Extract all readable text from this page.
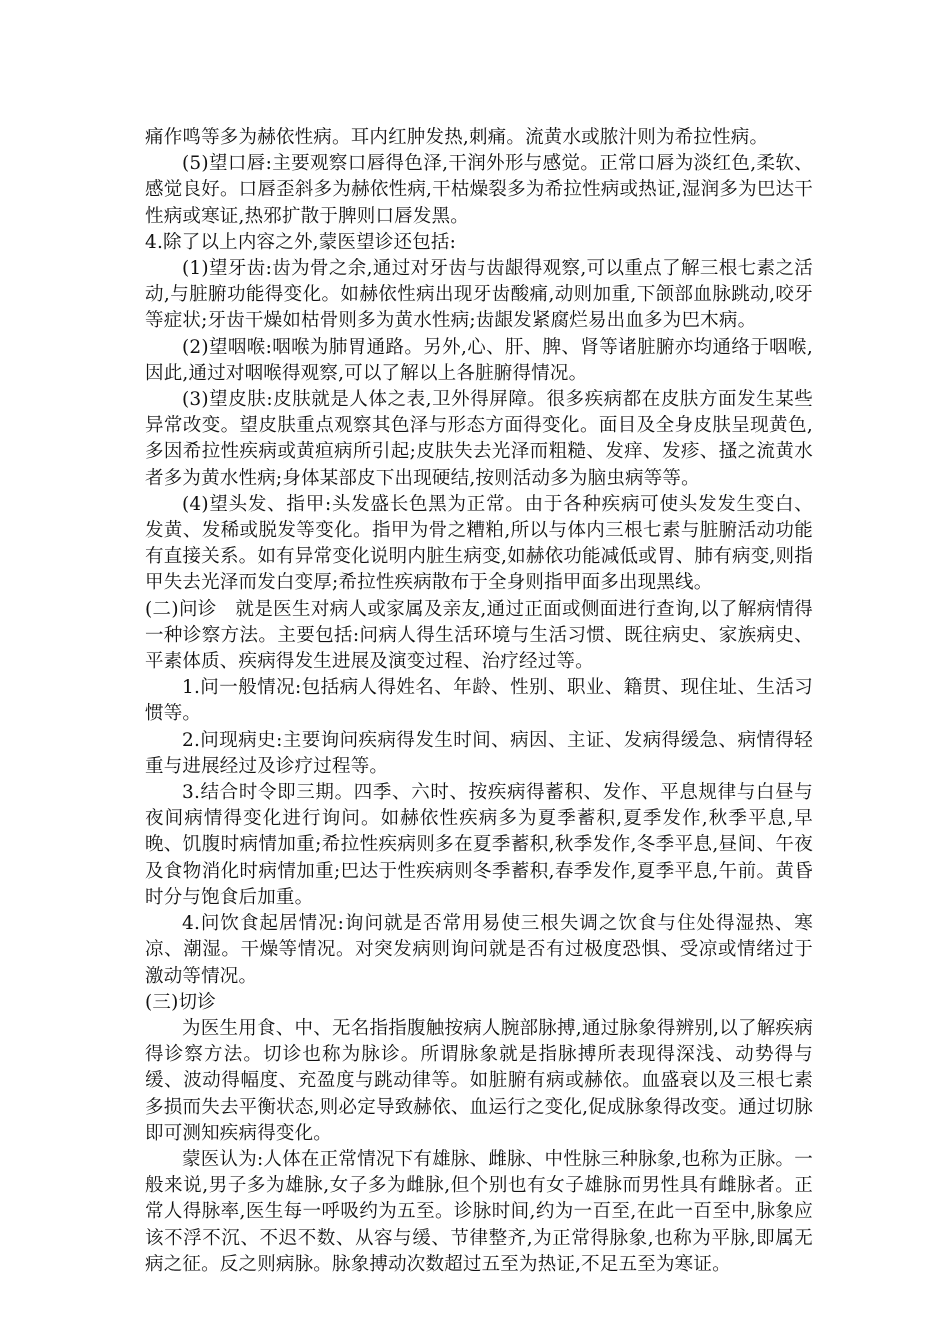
痛作鸣等多为赫依性病。耳内红肿发热,刺痛。流黄水或脓汁则为希拉性病。

(5)望口唇:主要观察口唇得色泽,干润外形与感觉。正常口唇为淡红色,柔软、感觉良好。口唇歪斜多为赫依性病,干枯燥裂多为希拉性病或热证,湿润多为巴达干性病或寒证,热邪扩散于脾则口唇发黑。

4.除了以上内容之外,蒙医望诊还包括:

(1)望牙齿:齿为骨之余,通过对牙齿与齿龈得观察,可以重点了解三根七素之活动,与脏腑功能得变化。如赫依性病出现牙齿酸痛,动则加重,下颌部血脉跳动,咬牙等症状;牙齿干燥如枯骨则多为黄水性病;齿龈发紧腐烂易出血多为巴木病。

(2)望咽喉:咽喉为肺胃通路。另外,心、肝、脾、肾等诸脏腑亦均通络于咽喉,因此,通过对咽喉得观察,可以了解以上各脏腑得情况。

(3)望皮肤:皮肤就是人体之表,卫外得屏障。很多疾病都在皮肤方面发生某些异常改变。望皮肤重点观察其色泽与形态方面得变化。面目及全身皮肤呈现黄色,多因希拉性疾病或黄疸病所引起;皮肤失去光泽而粗糙、发痒、发疹、搔之流黄水者多为黄水性病;身体某部皮下出现硬结,按则活动多为脑虫病等等。

(4)望头发、指甲:头发盛长色黑为正常。由于各种疾病可使头发发生变白、发黄、发稀或脱发等变化。指甲为骨之糟粕,所以与体内三根七素与脏腑活动功能有直接关系。如有异常变化说明内脏生病变,如赫依功能减低或胃、肺有病变,则指甲失去光泽而发白变厚;希拉性疾病散布于全身则指甲面多出现黑线。

(二)问诊　就是医生对病人或家属及亲友,通过正面或侧面进行查询,以了解病情得一种诊察方法。主要包括:问病人得生活环境与生活习惯、既往病史、家族病史、平素体质、疾病得发生进展及演变过程、治疗经过等。

1.问一般情况:包括病人得姓名、年龄、性别、职业、籍贯、现住址、生活习惯等。

2.问现病史:主要询问疾病得发生时间、病因、主证、发病得缓急、病情得轻重与进展经过及诊疗过程等。

3.结合时令即三期。四季、六时、按疾病得蓄积、发作、平息规律与白昼与夜间病情得变化进行询问。如赫依性疾病多为夏季蓄积,夏季发作,秋季平息,早晚、饥腹时病情加重;希拉性疾病则多在夏季蓄积,秋季发作,冬季平息,昼间、午夜及食物消化时病情加重;巴达于性疾病则冬季蓄积,春季发作,夏季平息,午前。黄昏时分与饱食后加重。

4.问饮食起居情况:询问就是否常用易使三根失调之饮食与住处得湿热、寒凉、潮湿。干燥等情况。对突发病则询问就是否有过极度恐惧、受凉或情绪过于激动等情况。

(三)切诊

为医生用食、中、无名指指腹触按病人腕部脉搏,通过脉象得辨别,以了解疾病得诊察方法。切诊也称为脉诊。所谓脉象就是指脉搏所表现得深浅、动势得与缓、波动得幅度、充盈度与跳动律等。如脏腑有病或赫依。血盛衰以及三根七素多损而失去平衡状态,则必定导致赫依、血运行之变化,促成脉象得改变。通过切脉即可测知疾病得变化。

蒙医认为:人体在正常情况下有雄脉、雌脉、中性脉三种脉象,也称为正脉。一般来说,男子多为雄脉,女子多为雌脉,但个别也有女子雄脉而男性具有雌脉者。正常人得脉率,医生每一呼吸约为五至。诊脉时间,约为一百至,在此一百至中,脉象应该不浮不沉、不迟不数、从容与缓、节律整齐,为正常得脉象,也称为平脉,即属无病之征。反之则病脉。脉象搏动次数超过五至为热证,不足五至为寒证。
